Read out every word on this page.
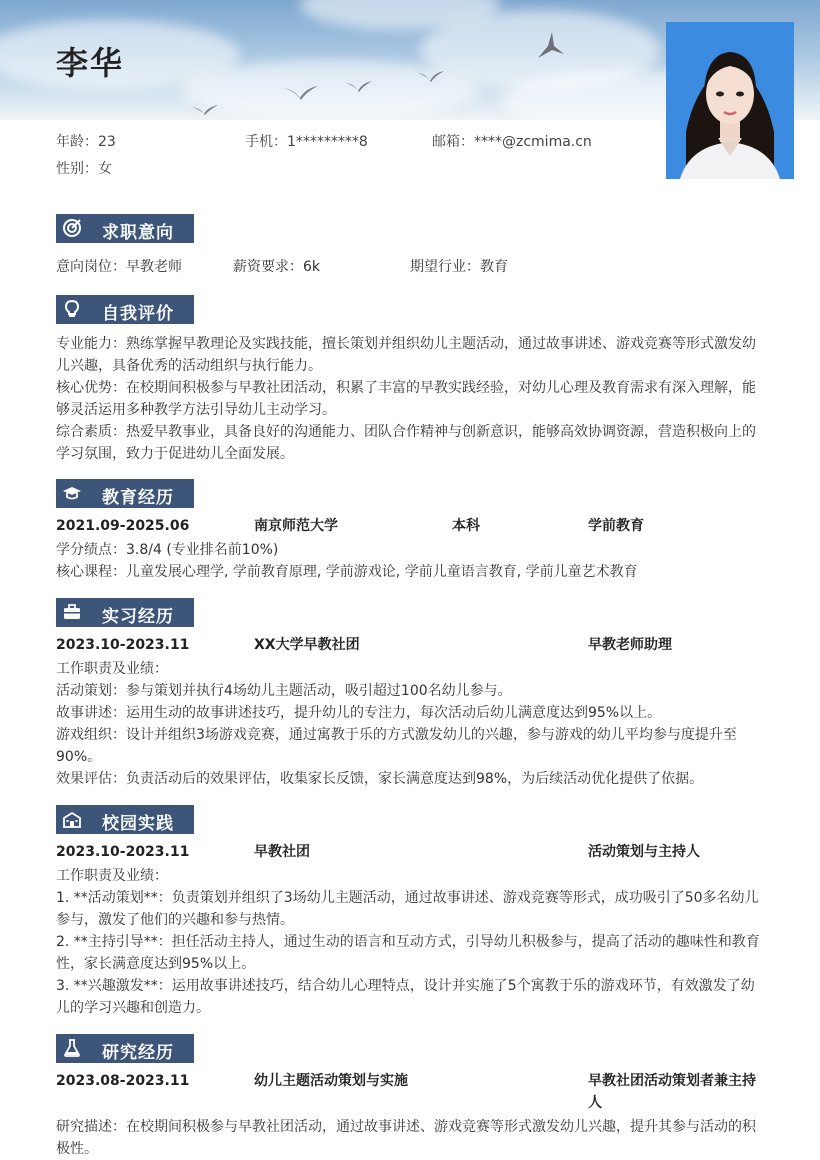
李华
年龄：23	手机：1*********8	邮箱：****@zcmima.cn
性别：女
求职意向
意向岗位：早教老师	薪资要求：6k	期望行业：教育
自我评价
专业能力：熟练掌握早教理论及实践技能，擅长策划并组织幼儿主题活动，通过故事讲述、游戏竞赛等形式激发幼儿兴趣，具备优秀的活动组织与执行能力。
核心优势：在校期间积极参与早教社团活动，积累了丰富的早教实践经验，对幼儿心理及教育需求有深入理解，能够灵活运用多种教学方法引导幼儿主动学习。
综合素质：热爱早教事业，具备良好的沟通能力、团队合作精神与创新意识，能够高效协调资源，营造积极向上的学习氛围，致力于促进幼儿全面发展。
教育经历
2021.09-2025.06	南京师范大学	本科	学前教育
学分绩点：3.8/4 (专业排名前10%)
核心课程：儿童发展心理学, 学前教育原理, 学前游戏论, 学前儿童语言教育, 学前儿童艺术教育
实习经历
2023.10-2023.11	XX大学早教社团	早教老师助理
工作职责及业绩：
活动策划：参与策划并执行4场幼儿主题活动，吸引超过100名幼儿参与。
故事讲述：运用生动的故事讲述技巧，提升幼儿的专注力，每次活动后幼儿满意度达到95%以上。
游戏组织：设计并组织3场游戏竞赛，通过寓教于乐的方式激发幼儿的兴趣，参与游戏的幼儿平均参与度提升至90%。
效果评估：负责活动后的效果评估，收集家长反馈，家长满意度达到98%，为后续活动优化提供了依据。
校园实践
2023.10-2023.11	早教社团	活动策划与主持人
工作职责及业绩：
1. **活动策划**：负责策划并组织了3场幼儿主题活动，通过故事讲述、游戏竞赛等形式，成功吸引了50多名幼儿参与，激发了他们的兴趣和参与热情。
2. **主持引导**：担任活动主持人，通过生动的语言和互动方式，引导幼儿积极参与，提高了活动的趣味性和教育性，家长满意度达到95%以上。
3. **兴趣激发**：运用故事讲述技巧，结合幼儿心理特点，设计并实施了5个寓教于乐的游戏环节，有效激发了幼儿的学习兴趣和创造力。
研究经历
2023.08-2023.11	幼儿主题活动策划与实施	早教社团活动策划者兼主持人
研究描述：在校期间积极参与早教社团活动，通过故事讲述、游戏竞赛等形式激发幼儿兴趣，提升其参与活动的积极性。
